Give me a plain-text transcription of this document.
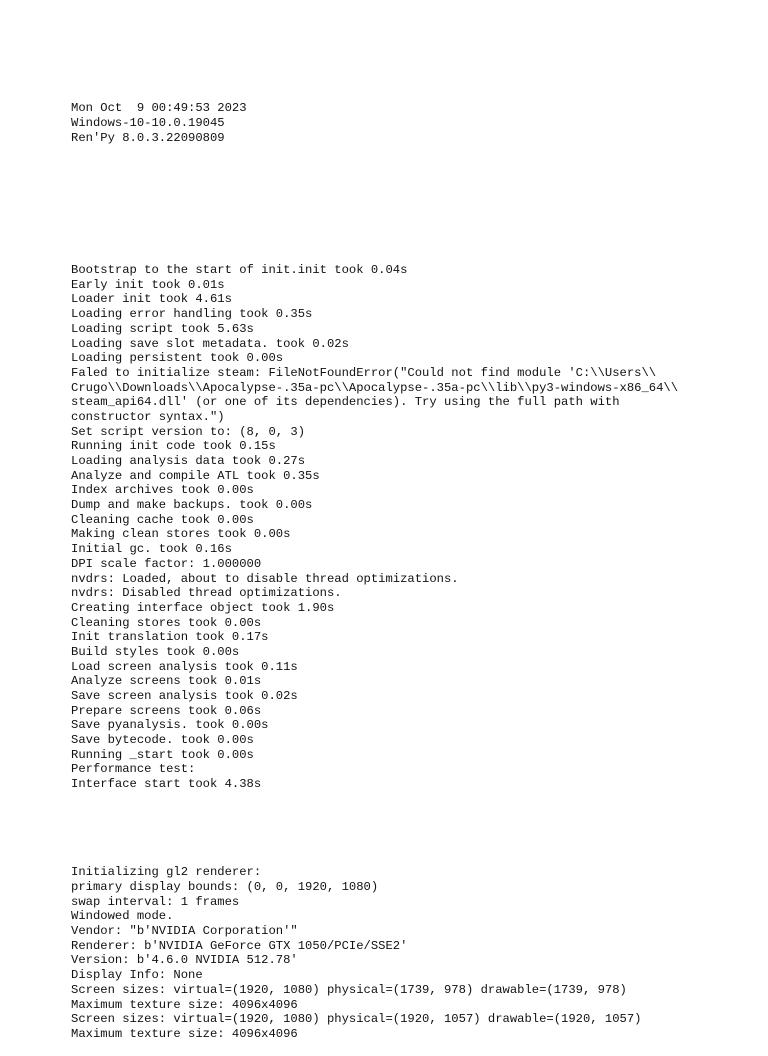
Mon Oct  9 00:49:53 2023
Windows-10-10.0.19045
Ren'Py 8.0.3.22090809

Bootstrap to the start of init.init took 0.04s
Early init took 0.01s
Loader init took 4.61s
Loading error handling took 0.35s
Loading script took 5.63s
Loading save slot metadata. took 0.02s
Loading persistent took 0.00s
Faled to initialize steam: FileNotFoundError("Could not find module 'C:\\Users\\
Crugo\\Downloads\\Apocalypse-.35a-pc\\Apocalypse-.35a-pc\\lib\\py3-windows-x86_64\\
steam_api64.dll' (or one of its dependencies). Try using the full path with
constructor syntax.")
Set script version to: (8, 0, 3)
Running init code took 0.15s
Loading analysis data took 0.27s
Analyze and compile ATL took 0.35s
Index archives took 0.00s
Dump and make backups. took 0.00s
Cleaning cache took 0.00s
Making clean stores took 0.00s
Initial gc. took 0.16s
DPI scale factor: 1.000000
nvdrs: Loaded, about to disable thread optimizations.
nvdrs: Disabled thread optimizations.
Creating interface object took 1.90s
Cleaning stores took 0.00s
Init translation took 0.17s
Build styles took 0.00s
Load screen analysis took 0.11s
Analyze screens took 0.01s
Save screen analysis took 0.02s
Prepare screens took 0.06s
Save pyanalysis. took 0.00s
Save bytecode. took 0.00s
Running _start took 0.00s
Performance test:
Interface start took 4.38s

Initializing gl2 renderer:
primary display bounds: (0, 0, 1920, 1080)
swap interval: 1 frames
Windowed mode.
Vendor: "b'NVIDIA Corporation'"
Renderer: b'NVIDIA GeForce GTX 1050/PCIe/SSE2'
Version: b'4.6.0 NVIDIA 512.78'
Display Info: None
Screen sizes: virtual=(1920, 1080) physical=(1739, 978) drawable=(1739, 978)
Maximum texture size: 4096x4096
Screen sizes: virtual=(1920, 1080) physical=(1920, 1057) drawable=(1920, 1057)
Maximum texture size: 4096x4096
